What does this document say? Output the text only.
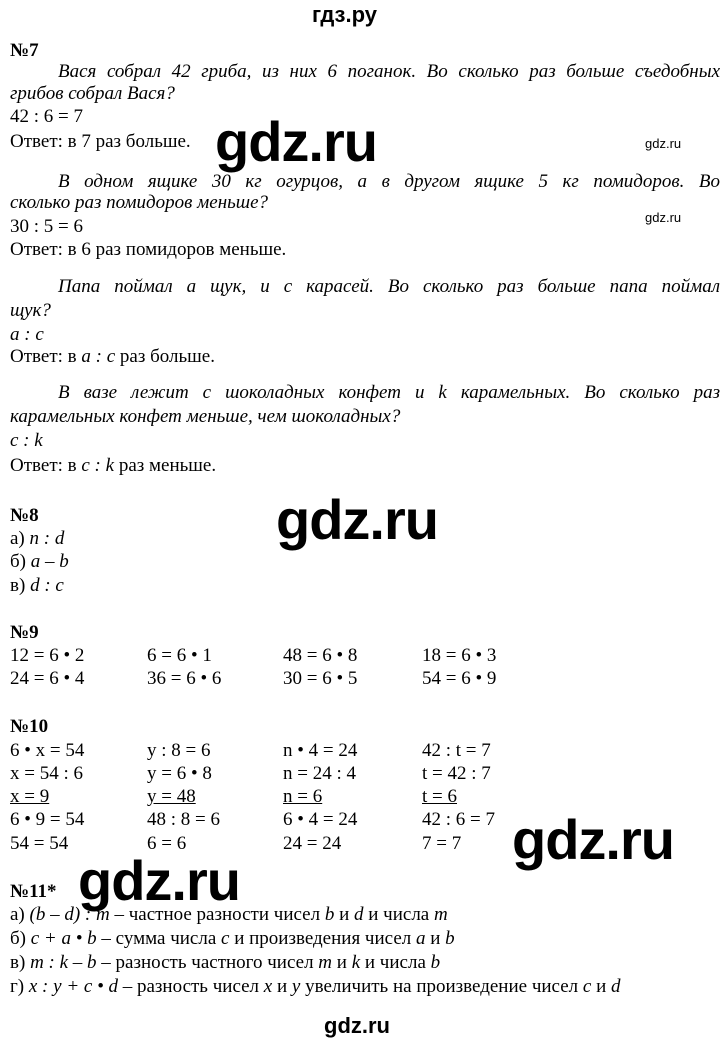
гдз.ру
№7
Вася собрал 42 гриба, из них 6 поганок. Во сколько раз больше съедобных
грибов собрал Вася?
42 : 6 = 7
Ответ: в 7 раз больше.
В одном ящике 30 кг огурцов, а в другом ящике 5 кг помидоров. Во
сколько раз помидоров меньше?
30 : 5 = 6
Ответ: в 6 раз помидоров меньше.
Папа поймал a щук, и c карасей. Во сколько раз больше папа поймал
щук?
a : c
Ответ: в a : c раз больше.
В вазе лежит c шоколадных конфет и k карамельных. Во сколько раз
карамельных конфет меньше, чем шоколадных?
c : k
Ответ: в c : k раз меньше.
№8
а) n : d
б) a – b
в) d : c
№9
12 = 6 • 2	6 = 6 • 1	48 = 6 • 8	18 = 6 • 3
24 = 6 • 4	36 = 6 • 6	30 = 6 • 5	54 = 6 • 9
№10
6 • x = 54	y : 8 = 6	n • 4 = 24	42 : t = 7
x = 54 : 6	y = 6 • 8	n = 24 : 4	t = 42 : 7
x = 9	y = 48	n = 6	t = 6
6 • 9 = 54	48 : 8 = 6	6 • 4 = 24	42 : 6 = 7
54 = 54	6 = 6	24 = 24	7 = 7
№11*
а) (b – d) : m – частное разности чисел b и d и числа m
б) c + a • b – сумма числа c и произведения чисел a и b
в) m : k – b – разность частного чисел m и k и числа b
г) x : y + c • d – разность чисел x и y увеличить на произведение чисел c и d
gdz.ru	gdz.ru
gdz.ru
gdz.ru
gdz.ru
gdz.ru
gdz.ru
